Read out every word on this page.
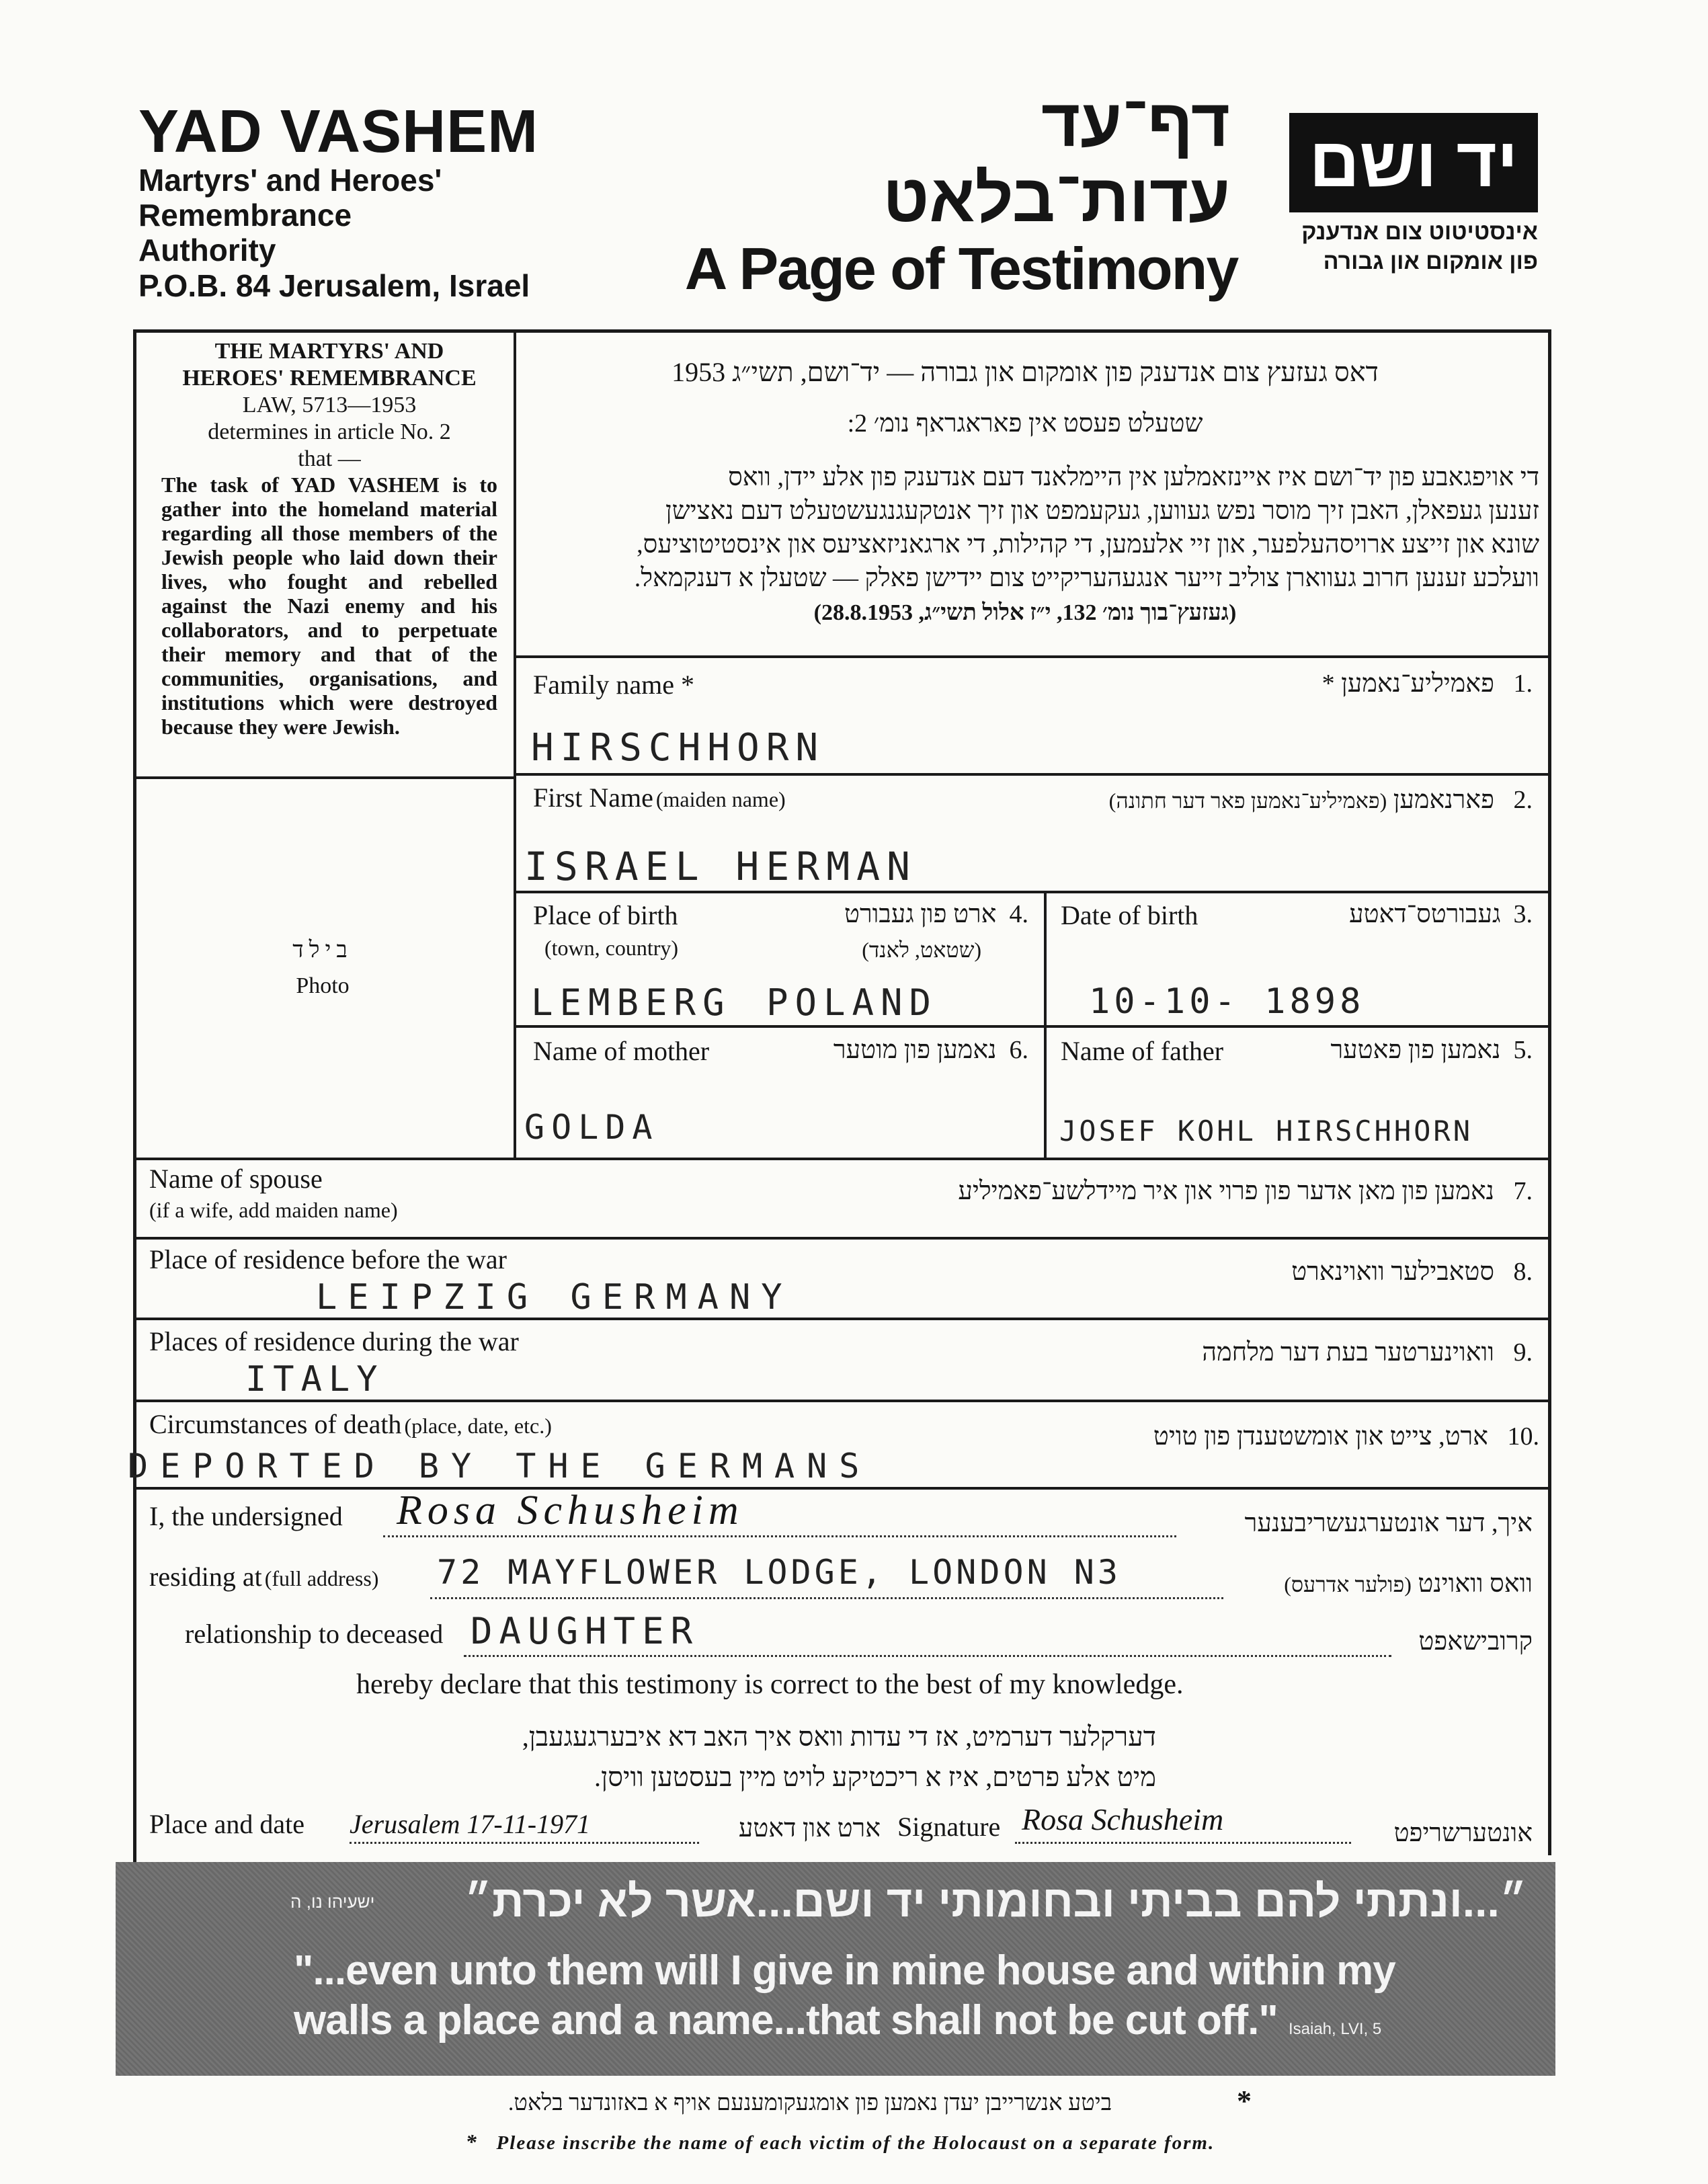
YAD VASHEM
Martyrs' and Heroes'
Remembrance
Authority
P.O.B. 84 Jerusalem, Israel
דף־עד
עדות־בלאט
A Page of Testimony
יד ושם
אינסטיטוט צום אנדענק
פון אומקום און גבורה
THE MARTYRS' AND
HEROES' REMEMBRANCE
LAW, 5713—1953
determines in article No. 2
that —
The task of YAD VASHEM is to gather into the homeland material regarding all those members of the Jewish people who laid down their lives, who fought and rebelled against the Nazi enemy and his collaborators, and to perpetuate their memory and that of the communities, organisations, and institutions which were destroyed because they were Jewish.
בילד
Photo
דאס געזעץ צום אנדענק פון אומקום און גבורה — יד־ושם, תשי״ג 1953
שטעלט פעסט אין פאראגראף נומ׳ 2:
די אויפגאבע פון יד־ושם איז איינזאמלען אין היימלאנד דעם אנדענק פון אלע יידן, וואס
זענען געפאלן, האבן זיך מוסר נפש געווען, געקעמפט און זיך אנטקעגנגעשטעלט דעם נאצישן
שונא און זייצע ארויסהעלפער, און זיי אלעמען, די קהילות, די ארגאניזאציעס און אינסטיטוציעס,
וועלכע זענען חרוב געווארן צוליב זייער אנגעהעריקייט צום יידישן פאלק — שטעלן א דענקמאל.
(געזעץ־בוך נומ׳ 132, י״ז אלול תשי״ג, 28.8.1953)
Family name *	.1   פאמיליע־נאמען *
HIRSCHHORN
First Name (maiden name)	.2   פארנאמען (פאמיליע־נאמען פאר דער חתונה)
ISRAEL HERMAN
Place of birth
(town, country)
.4  ארט פון געבורט
(שטאט, לאנד)
LEMBERG POLAND
Date of birth	.3  געבורטס־דאטע
10-10- 1898
Name of mother	.6  נאמען פון מוטער
GOLDA
Name of father	.5  נאמען פון פאטער
JOSEF KOHL HIRSCHHORN
Name of spouse
(if a wife, add maiden name)
.7   נאמען פון מאן אדער פון פרוי און איר מיידלשע־פאמיליע
Place of residence before the war	.8   סטאבילער וואוינארט
LEIPZIG GERMANY
Places of residence during the war	.9   וואוינערטער בעת דער מלחמה
ITALY
Circumstances of death (place, date, etc.)	.10   ארט, צייט און אומשטענדן פון טויט
DEPORTED BY THE GERMANS
I, the undersigned Rosa Schusheim	איך, דער אונטערגעשריבענער
residing at (full address) 72 MAYFLOWER LODGE, LONDON N3	וואס וואוינט (פולער אדרעס)
relationship to deceased DAUGHTER	קרובישאפט
hereby declare that this testimony is correct to the best of my knowledge.
דערקלער דערמיט, אז די עדות וואס איך האב דא איבערגעגעבן,
מיט אלע פרטים, איז א ריכטיקע לויט מיין בעסטען וויסן.
Place and date Jerusalem 17-11-1971	ארט און דאטע Signature Rosa Schusheim	אונטערשריפט
״...ונתתי להם בביתי ובחומותי יד ושם...אשר לא יכרת״
ישעיהו נו, ה
"...even unto them will I give in mine house and within my
walls a place and a name...that shall not be cut off." Isaiah, LVI, 5
*
ביטע אנשרייבן יעדן נאמען פון אומגעקומענעם אויף א באזונדער בלאט.
* Please inscribe the name of each victim of the Holocaust on a separate form.
